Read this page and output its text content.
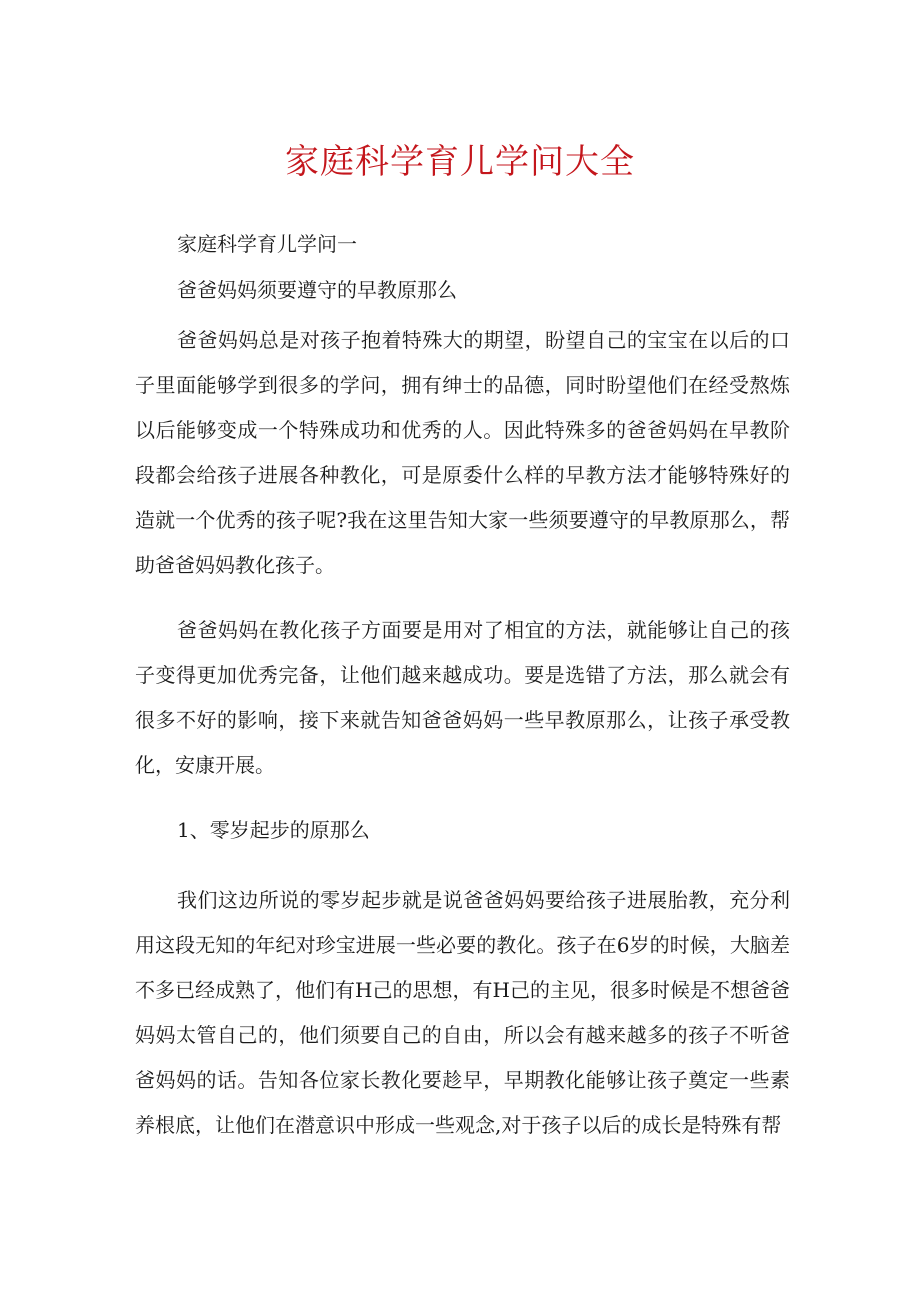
家庭科学育儿学问大全

家庭科学育儿学问一

爸爸妈妈须要遵守的早教原那么

爸爸妈妈总是对孩子抱着特殊大的期望，盼望自己的宝宝在以后的口子里面能够学到很多的学问，拥有绅士的品德，同时盼望他们在经受熬炼以后能够变成一个特殊成功和优秀的人。因此特殊多的爸爸妈妈在早教阶段都会给孩子进展各种教化，可是原委什么样的早教方法才能够特殊好的造就一个优秀的孩子呢?我在这里告知大家一些须要遵守的早教原那么，帮助爸爸妈妈教化孩子。

爸爸妈妈在教化孩子方面要是用对了相宜的方法，就能够让自己的孩子变得更加优秀完备，让他们越来越成功。要是选错了方法，那么就会有很多不好的影响，接下来就告知爸爸妈妈一些早教原那么，让孩子承受教化，安康开展。

1、零岁起步的原那么

我们这边所说的零岁起步就是说爸爸妈妈要给孩子进展胎教，充分利用这段无知的年纪对珍宝进展一些必要的教化。孩子在6岁的时候，大脑差不多已经成熟了，他们有H己的思想，有H己的主见，很多时候是不想爸爸妈妈太管自己的，他们须要自己的自由，所以会有越来越多的孩子不听爸爸妈妈的话。告知各位家长教化要趁早，早期教化能够让孩子奠定一些素养根底，让他们在潜意识中形成一些观念,对于孩子以后的成长是特殊有帮
